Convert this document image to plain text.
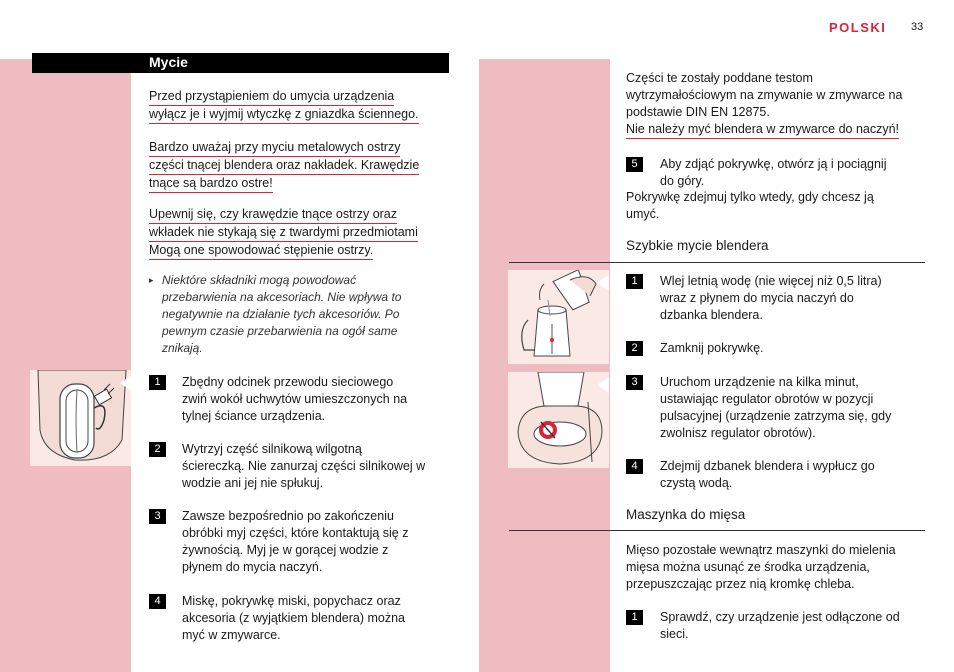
POLSKI 33
Mycie
Przed przystąpieniem do umycia urządzenia
wyłącz je i wyjmij wtyczkę z gniazdka ściennego.
Bardzo uważaj przy myciu metalowych ostrzy
części tnącej blendera oraz nakładek. Krawędzie
tnące są bardzo ostre!
Upewnij się, czy krawędzie tnące ostrzy oraz
wkładek nie stykają się z twardymi przedmiotami
Mogą one spowodować stępienie ostrzy.
▸ Niektóre składniki mogą powodować
przebarwienia na akcesoriach. Nie wpływa to
negatywnie na działanie tych akcesoriów. Po
pewnym czasie przebarwienia na ogół same
znikają.
1	Zbędny odcinek przewodu sieciowego
zwiń wokół uchwytów umieszczonych na
tylnej ściance urządzenia.
2	Wytrzyj część silnikową wilgotną
ściereczką. Nie zanurzaj części silnikowej w
wodzie ani jej nie spłukuj.
3	Zawsze bezpośrednio po zakończeniu
obróbki myj części, które kontaktują się z
żywnością. Myj je w gorącej wodzie z
płynem do mycia naczyń.
4	Miskę, pokrywkę miski, popychacz oraz
akcesoria (z wyjątkiem blendera) można
myć w zmywarce.
Części te zostały poddane testom
wytrzymałościowym na zmywanie w zmywarce na
podstawie DIN EN 12875.
Nie należy myć blendera w zmywarce do naczyń!
5	Aby zdjąć pokrywkę, otwórz ją i pociągnij
do góry.
Pokrywkę zdejmuj tylko wtedy, gdy chcesz ją
umyć.
Szybkie mycie blendera
1	Wlej letnią wodę (nie więcej niż 0,5 litra)
wraz z płynem do mycia naczyń do
dzbanka blendera.
2	Zamknij pokrywkę.
3	Uruchom urządzenie na kilka minut,
ustawiając regulator obrotów w pozycji
pulsacyjnej (urządzenie zatrzyma się, gdy
zwolnisz regulator obrotów).
4	Zdejmij dzbanek blendera i wypłucz go
czystą wodą.
Maszynka do mięsa
Mięso pozostałe wewnątrz maszynki do mielenia
mięsa można usunąć ze środka urządzenia,
przepuszczając przez nią kromkę chleba.
1	Sprawdź, czy urządzenie jest odłączone od
sieci.
